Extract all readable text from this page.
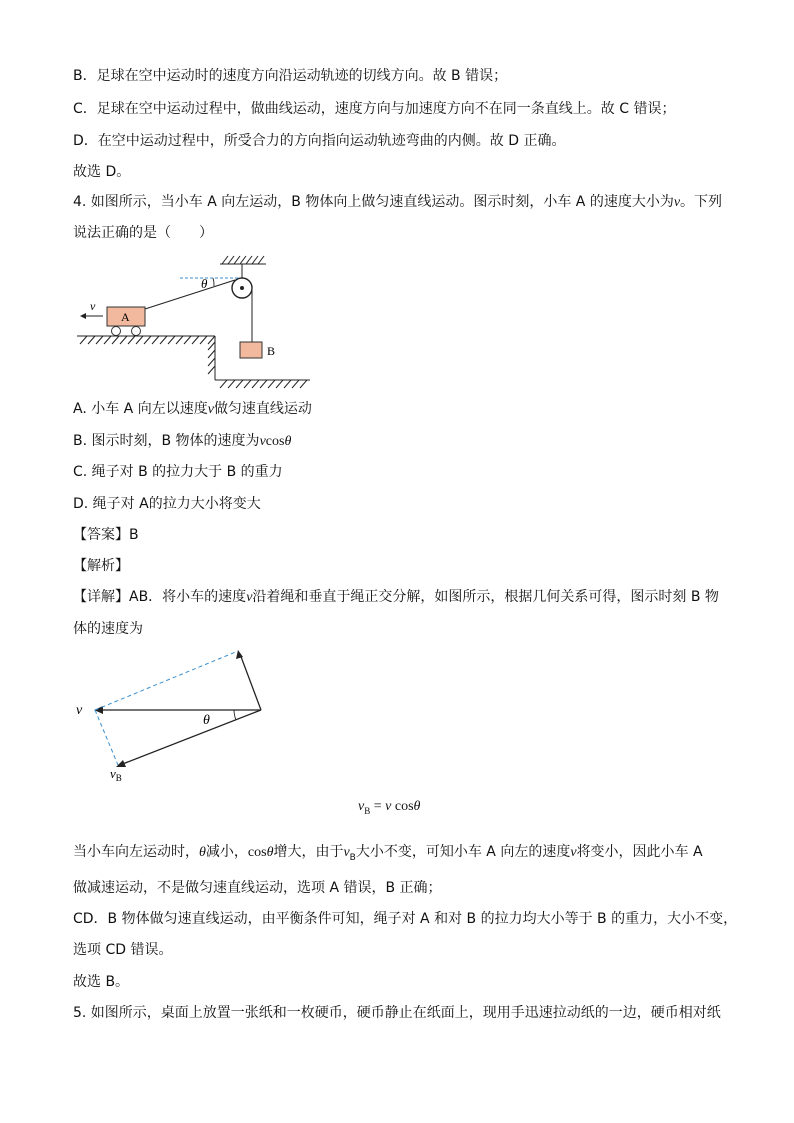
B．足球在空中运动时的速度方向沿运动轨迹的切线方向。故 B 错误；
C．足球在空中运动过程中，做曲线运动，速度方向与加速度方向不在同一条直线上。故 C 错误；
D．在空中运动过程中，所受合力的方向指向运动轨迹弯曲的内侧。故 D 正确。
故选 D。
4. 如图所示，当小车 A 向左运动，B 物体向上做匀速直线运动。图示时刻，小车 A 的速度大小为v。下列
说法正确的是（　　）
θ
B
A
v
A. 小车 A 向左以速度v做匀速直线运动
B. 图示时刻，B 物体的速度为vcosθ
C. 绳子对 B 的拉力大于 B 的重力
D. 绳子对 A的拉力大小将变大
【答案】B
【解析】
【详解】AB．将小车的速度v沿着绳和垂直于绳正交分解，如图所示，根据几何关系可得，图示时刻 B 物
体的速度为
v
$v_B$
θ
$v_B = v$ cosθ
当小车向左运动时，θ减小，cosθ增大，由于$v_B$大小不变，可知小车 A 向左的速度v将变小，因此小车 A
做减速运动，不是做匀速直线运动，选项 A 错误，B 正确；
CD．B 物体做匀速直线运动，由平衡条件可知，绳子对 A 和对 B 的拉力均大小等于 B 的重力，大小不变，
选项 CD 错误。
故选 B。
5. 如图所示，桌面上放置一张纸和一枚硬币，硬币静止在纸面上，现用手迅速拉动纸的一边，硬币相对纸
